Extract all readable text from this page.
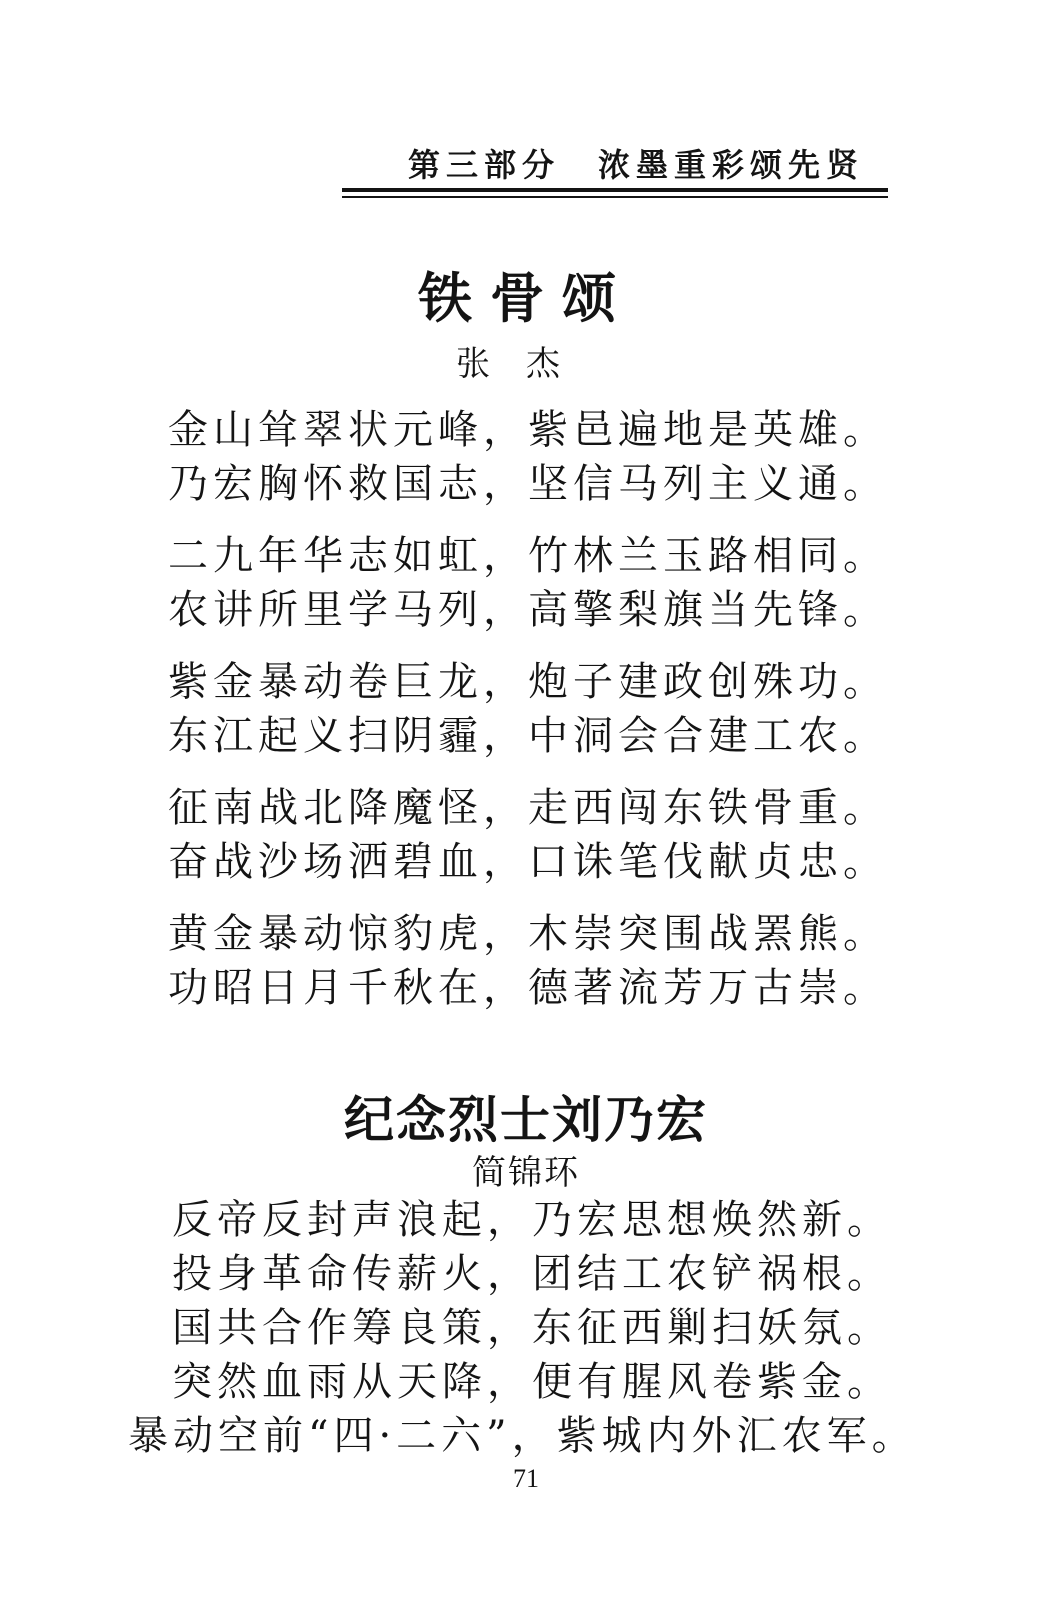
第三部分　浓墨重彩颂先贤
铁骨颂
张杰
金山耸翠状元峰，紫邑遍地是英雄。
乃宏胸怀救国志，坚信马列主义通。
二九年华志如虹，竹林兰玉路相同。
农讲所里学马列，高擎梨旗当先锋。
紫金暴动卷巨龙，炮子建政创殊功。
东江起义扫阴霾，中洞会合建工农。
征南战北降魔怪，走西闯东铁骨重。
奋战沙场洒碧血，口诛笔伐献贞忠。
黄金暴动惊豹虎，木崇突围战罴熊。
功昭日月千秋在，德著流芳万古崇。
纪念烈士刘乃宏
简锦环
反帝反封声浪起，乃宏思想焕然新。
投身革命传薪火，团结工农铲祸根。
国共合作筹良策，东征西剿扫妖氛。
突然血雨从天降，便有腥风卷紫金。
暴动空前“四·二六”，紫城内外汇农军。
71
